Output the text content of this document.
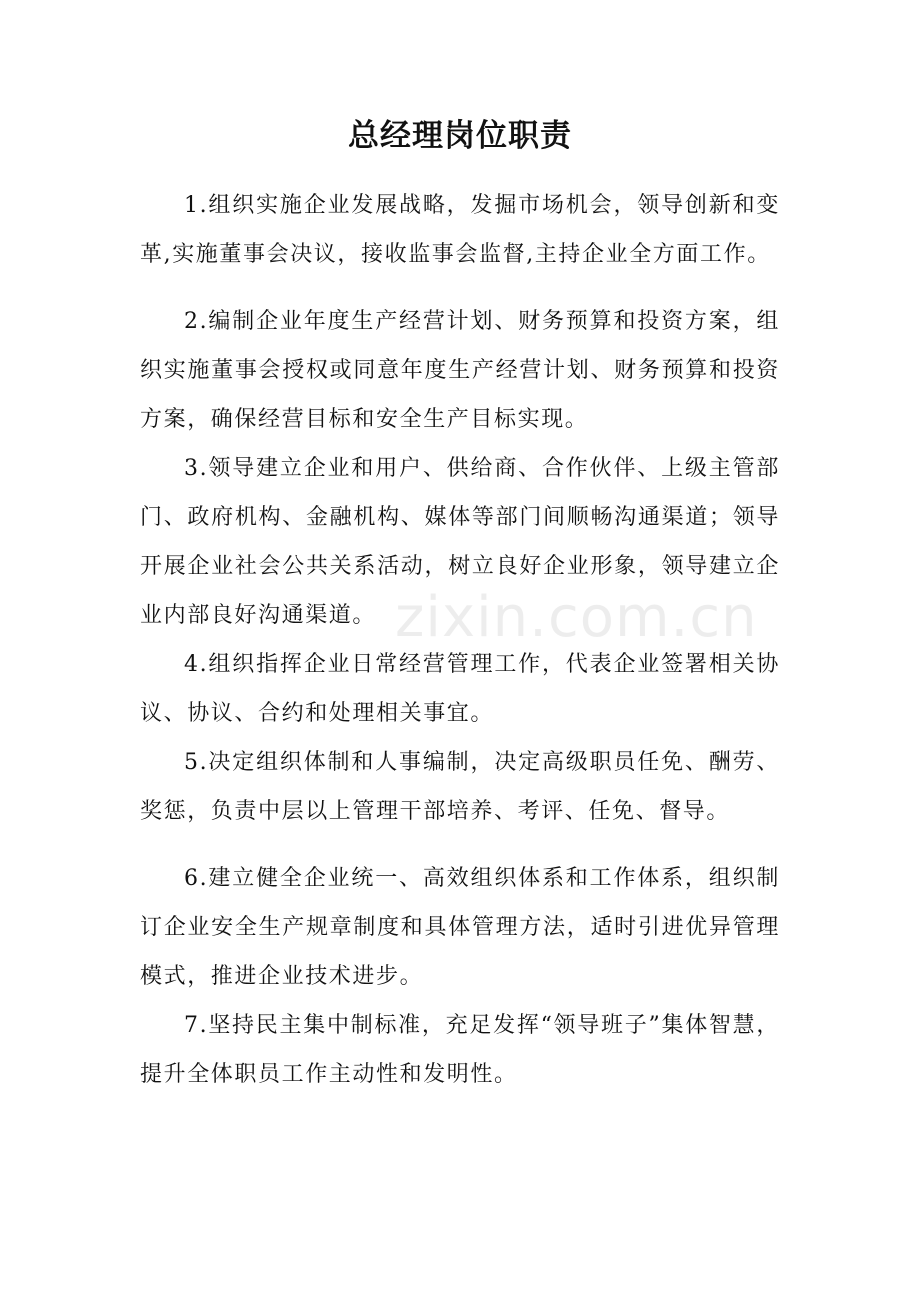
总经理岗位职责

1.组织实施企业发展战略，发掘市场机会，领导创新和变革,实施董事会决议，接收监事会监督,主持企业全方面工作。

2.编制企业年度生产经营计划、财务预算和投资方案，组织实施董事会授权或同意年度生产经营计划、财务预算和投资方案，确保经营目标和安全生产目标实现。

3.领导建立企业和用户、供给商、合作伙伴、上级主管部门、政府机构、金融机构、媒体等部门间顺畅沟通渠道；领导开展企业社会公共关系活动，树立良好企业形象，领导建立企业内部良好沟通渠道。

4.组织指挥企业日常经营管理工作，代表企业签署相关协议、协议、合约和处理相关事宜。

5.决定组织体制和人事编制，决定高级职员任免、酬劳、奖惩，负责中层以上管理干部培养、考评、任免、督导。

6.建立健全企业统一、高效组织体系和工作体系，组织制订企业安全生产规章制度和具体管理方法，适时引进优异管理模式，推进企业技术进步。

7.坚持民主集中制标准，充足发挥“领导班子”集体智慧，提升全体职员工作主动性和发明性。

zixin.com.cn
